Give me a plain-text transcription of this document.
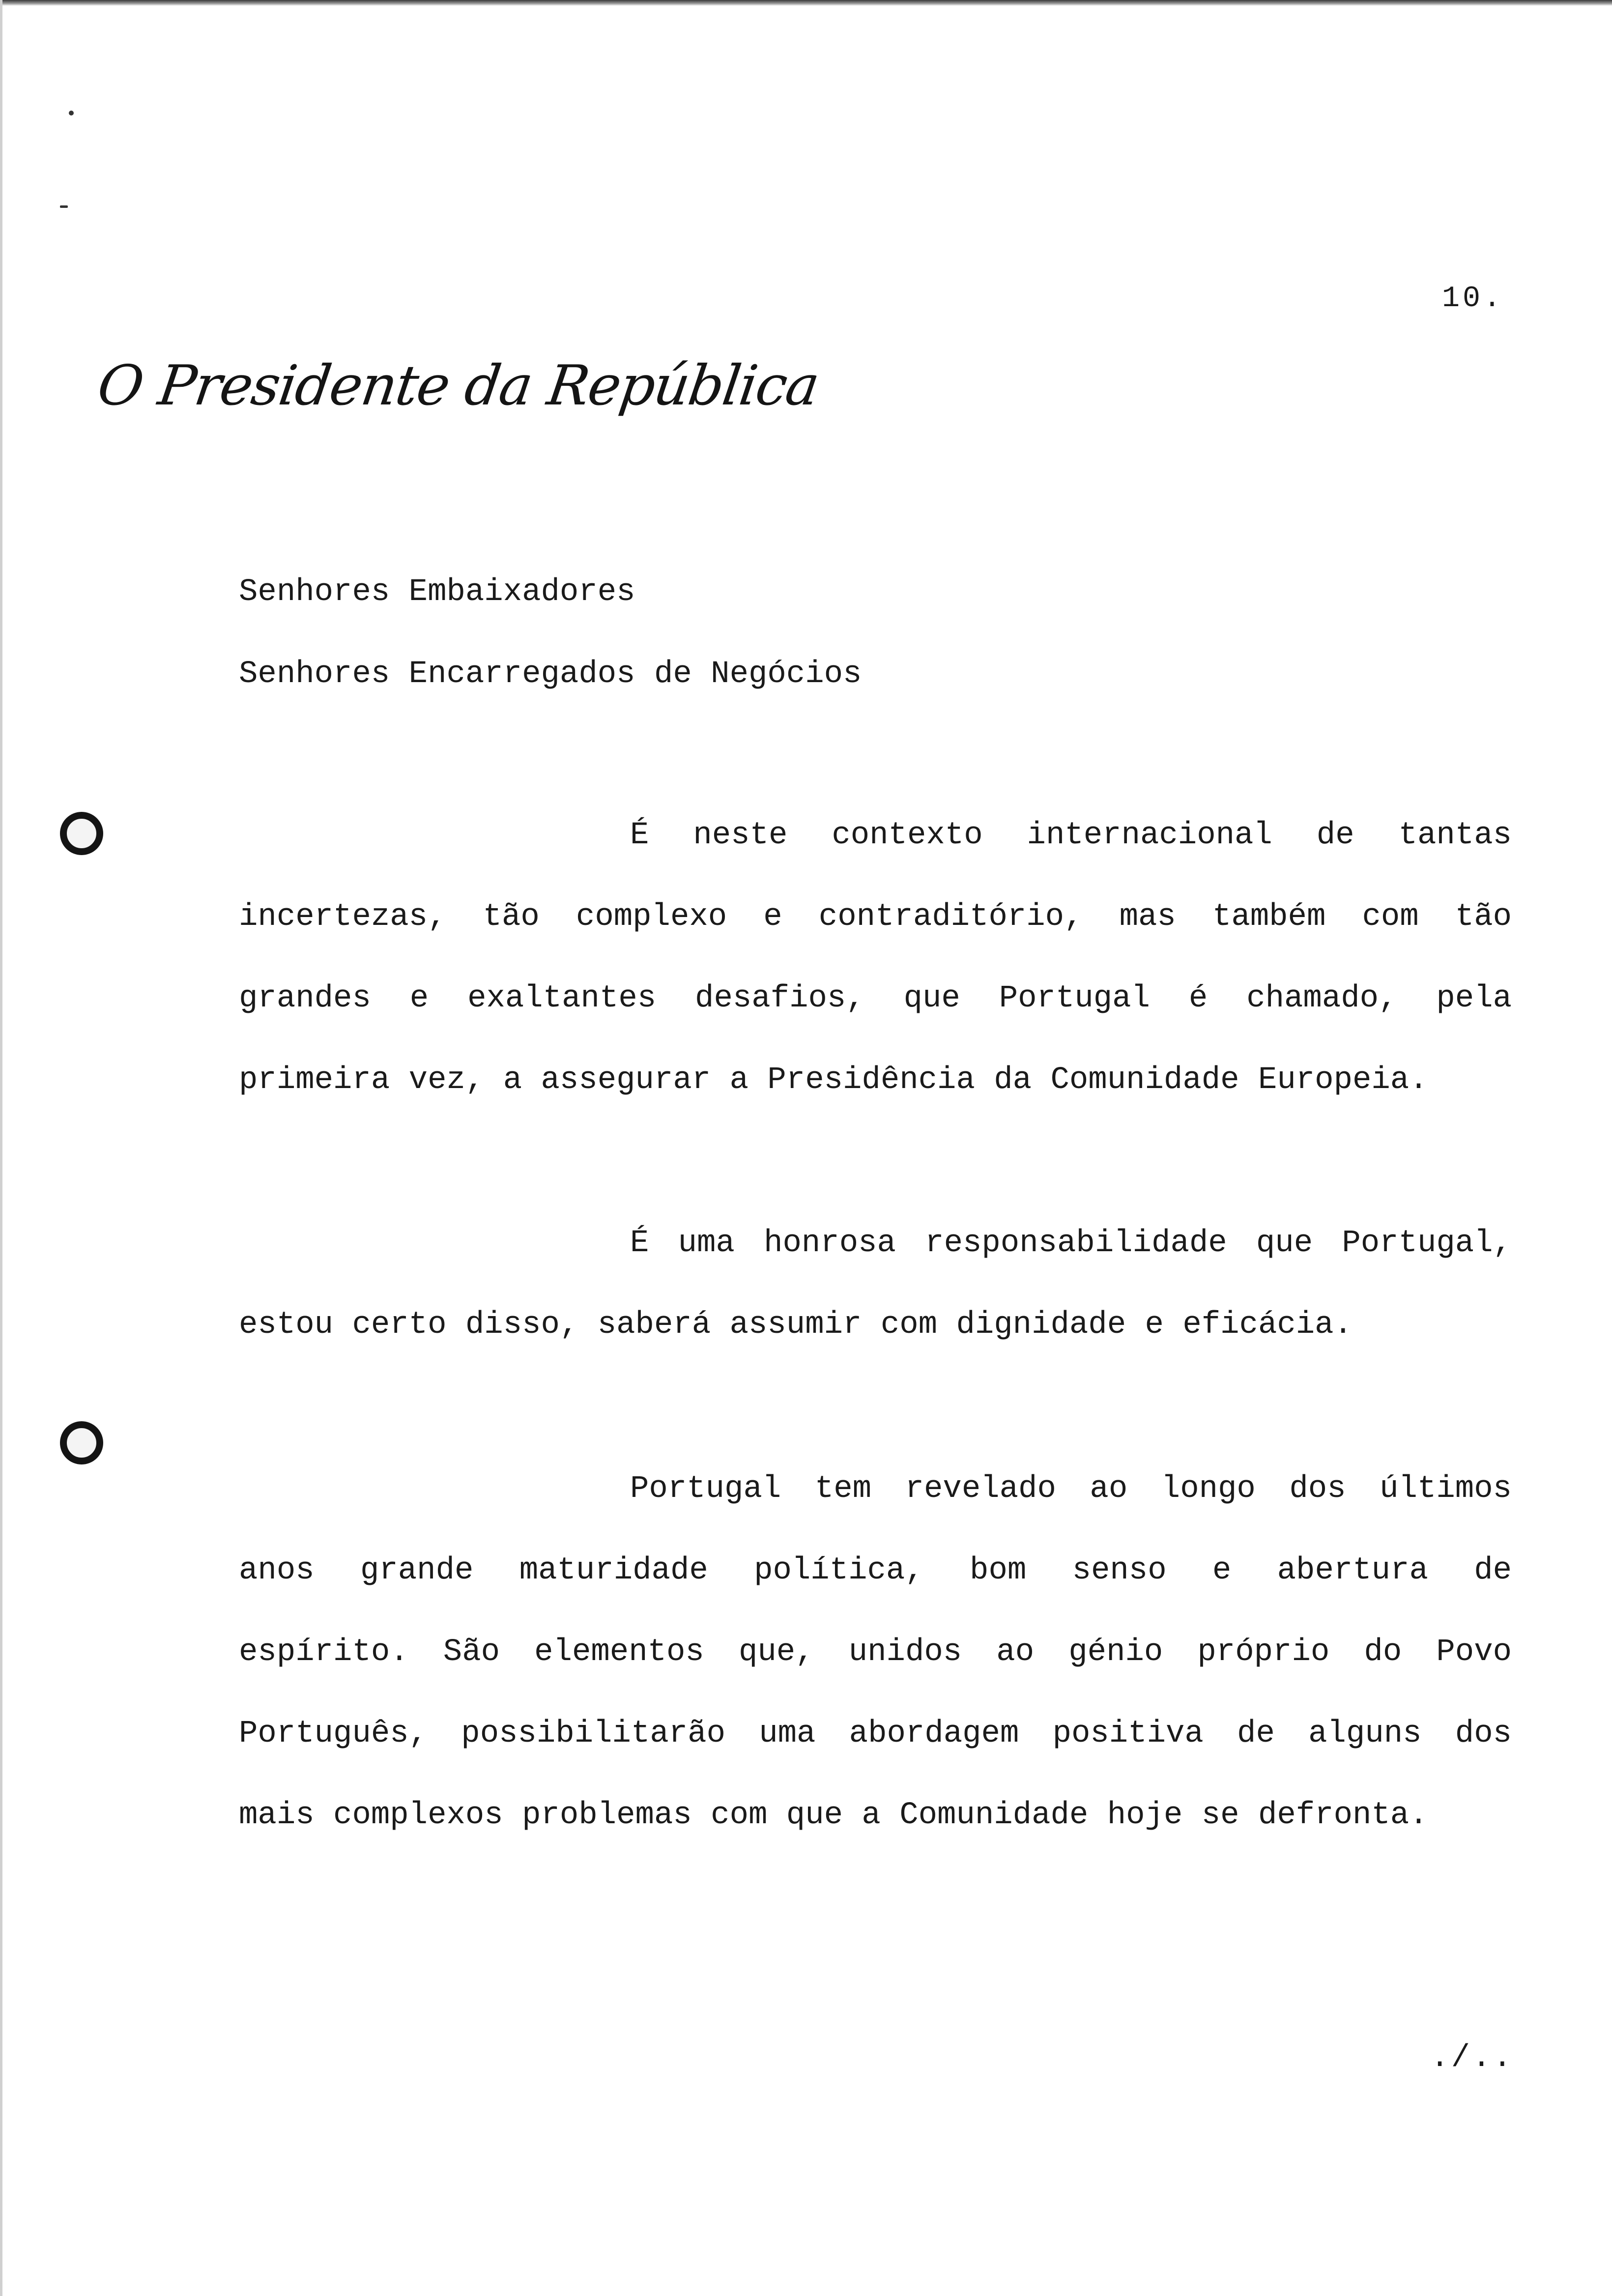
10.
O Presidente da República
Senhores Embaixadores
Senhores Encarregados de Negócios
É neste contexto internacional de tantas
incertezas, tão complexo e contraditório, mas também com tão
grandes e exaltantes desafios, que Portugal é chamado, pela
primeira vez, a assegurar a Presidência da Comunidade Europeia.
É uma honrosa responsabilidade que Portugal,
estou certo disso, saberá assumir com dignidade e eficácia.
Portugal tem revelado ao longo dos últimos
anos grande maturidade política, bom senso e abertura de
espírito. São elementos que, unidos ao génio próprio do Povo
Português, possibilitarão uma abordagem positiva de alguns dos
mais complexos problemas com que a Comunidade hoje se defronta.
./..
